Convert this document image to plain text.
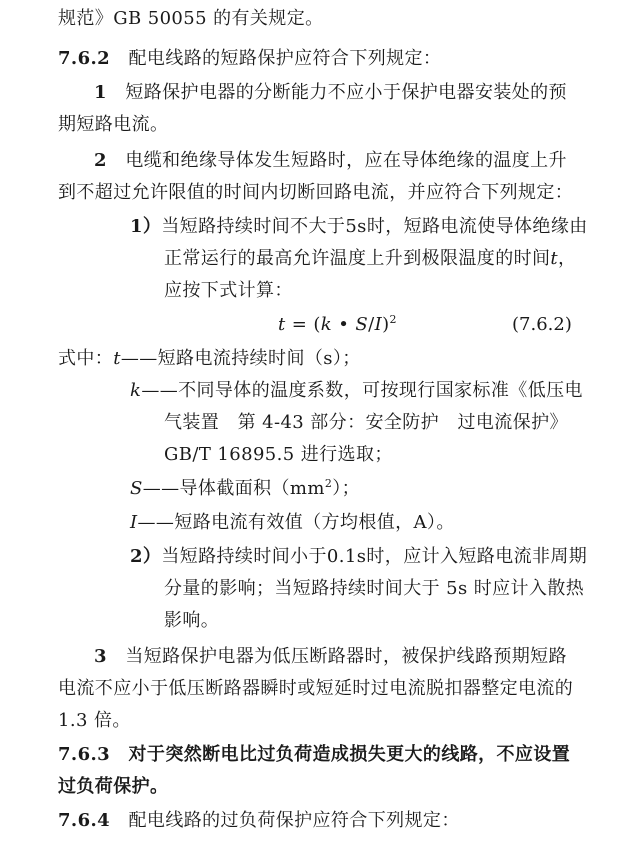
规范》GB 50055 的有关规定。
7.6.2　 配电线路的短路保护应符合下列规定：
1　 短路保护电器的分断能力不应小于保护电器安装处的预
期短路电流。
2　 电缆和绝缘导体发生短路时，应在导体绝缘的温度上升
到不超过允许限值的时间内切断回路电流，并应符合下列规定：
1）当短路持续时间不大于5s时，短路电流使导体绝缘由
正常运行的最高允许温度上升到极限温度的时间t，
应按下式计算：
t = (k • S/I)$^2$	(7.6.2)
式中：t——短路电流持续时间（s）；
k——不同导体的温度系数，可按现行国家标准《低压电
气装置　第 4-43 部分：安全防护　过电流保护》
GB/T 16895.5 进行选取；
S——导体截面积$(mm^2)$；
I——短路电流有效值（方均根值，A）。
2）当短路持续时间小于0.1s时，应计入短路电流非周期
分量的影响；当短路持续时间大于 5s 时应计入散热
影响。
3　 当短路保护电器为低压断路器时，被保护线路预期短路
电流不应小于低压断路器瞬时或短延时过电流脱扣器整定电流的
1.3 倍。
7.6.3　 对于突然断电比过负荷造成损失更大的线路，不应设置
过负荷保护。
7.6.4　 配电线路的过负荷保护应符合下列规定：
